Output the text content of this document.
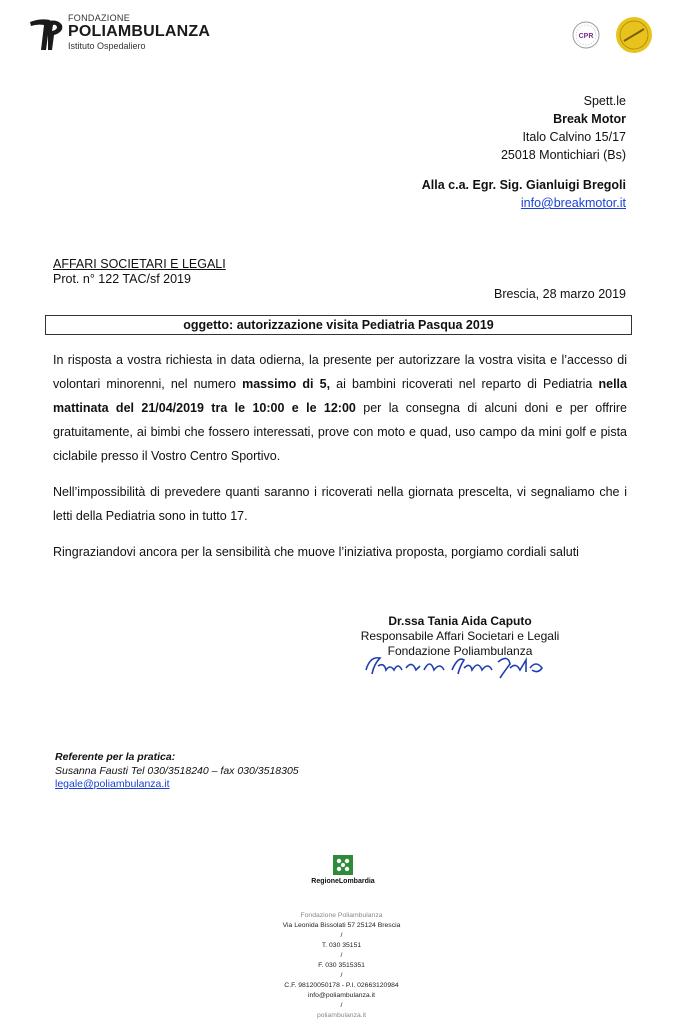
FONDAZIONE
POLIAMBULANZA
Istituto Ospedaliero
CPR
Spett.le
Break Motor
Italo Calvino 15/17
25018 Montichiari (Bs)
Alla c.a. Egr. Sig. Gianluigi Bregoli
info@breakmotor.it
AFFARI SOCIETARI E LEGALI
Prot. n° 122 TAC/sf 2019
Brescia, 28 marzo 2019
oggetto: autorizzazione visita Pediatria Pasqua 2019
In risposta a vostra richiesta in data odierna, la presente per autorizzare la vostra visita e l’accesso di volontari minorenni, nel numero massimo di 5, ai bambini ricoverati nel reparto di Pediatria nella mattinata del 21/04/2019 tra le 10:00 e le 12:00 per la consegna di alcuni doni e per offrire gratuitamente, ai bimbi che fossero interessati, prove con moto e quad, uso campo da mini golf e pista ciclabile presso il Vostro Centro Sportivo.
Nell’impossibilità di prevedere quanti saranno i ricoverati nella giornata prescelta, vi segnaliamo che i letti della Pediatria sono in tutto 17.
Ringraziandovi ancora per la sensibilità che muove l’iniziativa proposta, porgiamo cordiali saluti
Dr.ssa Tania Aida Caputo
Responsabile Affari Societari e Legali
Fondazione Poliambulanza
Referente per la pratica:
Susanna Fausti Tel 030/3518240 – fax 030/3518305
legale@poliambulanza.it
RegioneLombardia
Fondazione Poliambulanza
Via Leonida Bissolati 57 25124 Brescia
/
T. 030 35151
/
F. 030 3515351
/
C.F. 98120050178 - P.I. 02663120984
info@poliambulanza.it
/
poliambulanza.it
